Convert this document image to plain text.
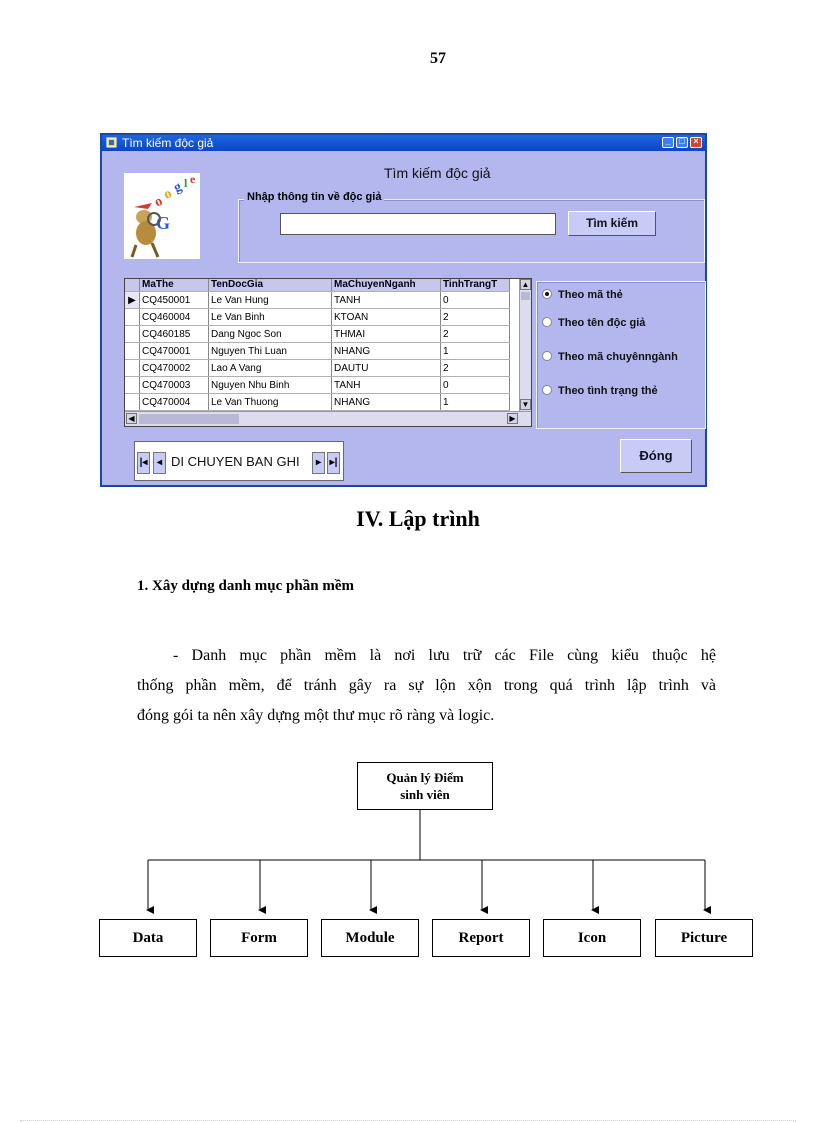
57
Tìm kiếm độc giả	_ □ ×
Tìm kiếm độc giả
o
o
g l e
G
Nhập thông tin về độc giả
Tìm kiếm
	MaThe	TenDocGia	MaChuyenNganh	TinhTrangT
▶	CQ450001	Le Van Hung	TANH	0
	CQ460004	Le Van Binh	KTOAN	2
	CQ460185	Dang Ngoc Son	THMAI	2
	CQ470001	Nguyen Thi Luan	NHANG	1
	CQ470002	Lao A Vang	DAUTU	2
	CQ470003	Nguyen Nhu Binh	TANH	0
	CQ470004	Le Van Thuong	NHANG	1
▲
▼
◀	▶
Theo mã thẻ
Theo tên độc giả
Theo mã chuyênngành
Theo tình trạng thẻ
|◂ ◂ DI CHUYEN BAN GHI	▸ ▸|	Đóng
IV. Lập trình
1. Xây dựng danh mục phần mềm
- Danh mục phần mềm là nơi lưu trữ các File cùng kiểu thuộc hệ
thống phần mềm, để tránh gây ra sự lộn xộn trong quá trình lập trình và
đóng gói ta nên xây dựng một thư mục rõ ràng và logic.
Quản lý Điểm
sinh viên
Data	Form	Module	Report	Icon	Picture
